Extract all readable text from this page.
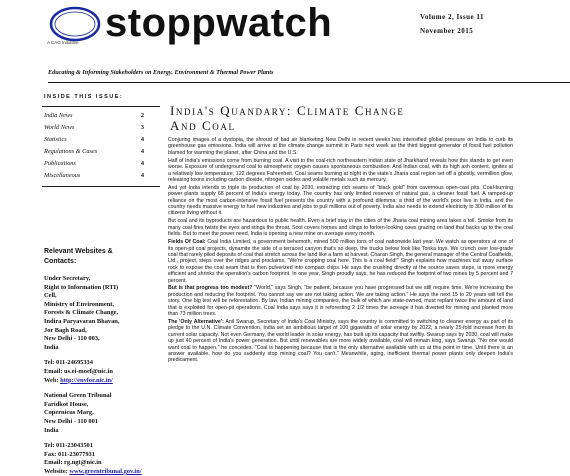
stoppwatch
A CAG Initiative
Volume 2, Issue 11
November 2015
Educating & Informing Stakeholders on Energy, Environment & Thermal Power Plants
INSIDE THIS ISSUE:
India News	2
World News	3
Statistics	4
Regulations & Cases	4
Publications	4
Miscellaneous	4
Relevant Websites &
Contacts:
Under Secretary,
Right to Information (RTI)
Cell,
Ministry of Environment,
Forests & Climate Change,
Indira Paryavaran Bhavan,
Jor Bagh Road,
New Delhi - 110 003,
India
Tel: 011-24695334
Email: us.ei-moef@nic.in
Web: http://envfor.nic.in/
National Green Tribunal
Faridkot House,
Copernicus Marg,
New Delhi - 110 001
India
Tel: 011-23043501
Fax: 011-23077931
Email: rg.ngt@nic.in
Website: www.greentribunal.gov.in/
India's Quandary: Climate Change
And Coal

Conjuring images of a dystopia, the shroud of bad air blanketing New Delhi in recent weeks has intensified global pressure on India to curb its greenhouse gas emissions. India will arrive at the climate change summit in Paris next week as the third biggest generator of fossil fuel pollution blamed for warming the planet, after China and the U.S.

Half of India's emissions come from burning coal. A visit to the coal-rich northeastern Indian state of Jharkhand reveals how this stands to get even worse. Exposure of underground coal to atmospheric oxygen causes spontaneous combustion. And Indian coal, with its high ash content, ignites at a relatively low temperature, 122 degrees Fahrenheit. Coal seams burning at night in the state's Jharia coal region set off a ghostly, vermillion glow, releasing toxins including carbon dioxide, nitrogen oxides and volatile metals such as mercury.

And yet India intends to triple its production of coal by 2030, extracting rich seams of "black gold" from cavernous open-cast pits. Coal-burning power plants supply 68 percent of India's energy today. The country has only limited reserves of natural gas, a cleaner fossil fuel. A ramped-up reliance on the most carbon-intensive fossil fuel presents the country with a profound dilemma: a third of the world's poor live in India, and the country needs massive energy to fuel new industries and jobs to pull millions out of poverty. India also needs to extend electricity to 300 million of its citizens living without it.

But coal and its byproducts are hazardous to public health. Even a brief stay in the cities of the Jharia coal mining area takes a toll. Smoke from its many coal fires twists the eyes and stings the throat. Soot covers homes and clings to forlorn-looking cows grazing on land that backs up to the coal fields. But to meet the power need, India is opening a new mine on average every month.

Fields Of Coal: Coal India Limited, a government behemoth, mined 500 million tons of coal nationwide last year. We watch as operators at one of its open-pit coal projects, dynamite the side of a terraced canyon that's so deep, the trucks below look like Tonka toys. We crunch over low-grade coal that rarely piled deposits of coal that stretch across the land like a farm at harvest. Charan Singh, the general manager of the Central Coalfields, Ltd., project, steps over the ridges and proclaims, "We're cropping coal here. This is a coal field!" Singh explains how machines cut away surface rock to expose the coal seam that is then pulverized into compact chips. He says the crushing directly at the source saves steps, is more energy efficient and shrinks the operation's carbon footprint. In one year, Singh proudly says, he has reduced the footprint of two mines by 5 percent and 7 percent.

But is that progress too modest? "World," says Singh, "be patient, because you have progressed but we still require time. We're increasing the production and reducing the footprint. You cannot say we are not taking action. We are taking action." He says the next 15 to 20 years will tell the story. One big test will be reforestation. By law, Indian mining companies, the bulk of which are state-owned, must replant twice the amount of land that is exploited for open-pit operations. Coal India says says it is reforesting 2 1/2 times the acreage it has diverted for mining and planted more than 73 million trees.

The 'Only Alternative': Anil Swarup, Secretary of India's Coal Ministry, says the country is committed to switching to cleaner energy as part of its pledge to the U.N. Climate Convention. India set an ambitious target of 100 gigawatts of solar energy by 2022, a nearly 25-fold increase from its current solar capacity. Not even Germany, the world leader in solar energy, has built up its capacity that swiftly. Swarup says by 2030, coal will make up just 40 percent of India's power generation. But until renewables are more widely available, coal will remain king, says Swarup. "No one would want coal to happen," he concedes. "Coal is happening because that is the only alternative available with us at this point in time. Until there is an answer available, how do you suddenly stop mining coal? You can't." Meanwhile, aging, inefficient thermal power plants only deepen India's predicament.
